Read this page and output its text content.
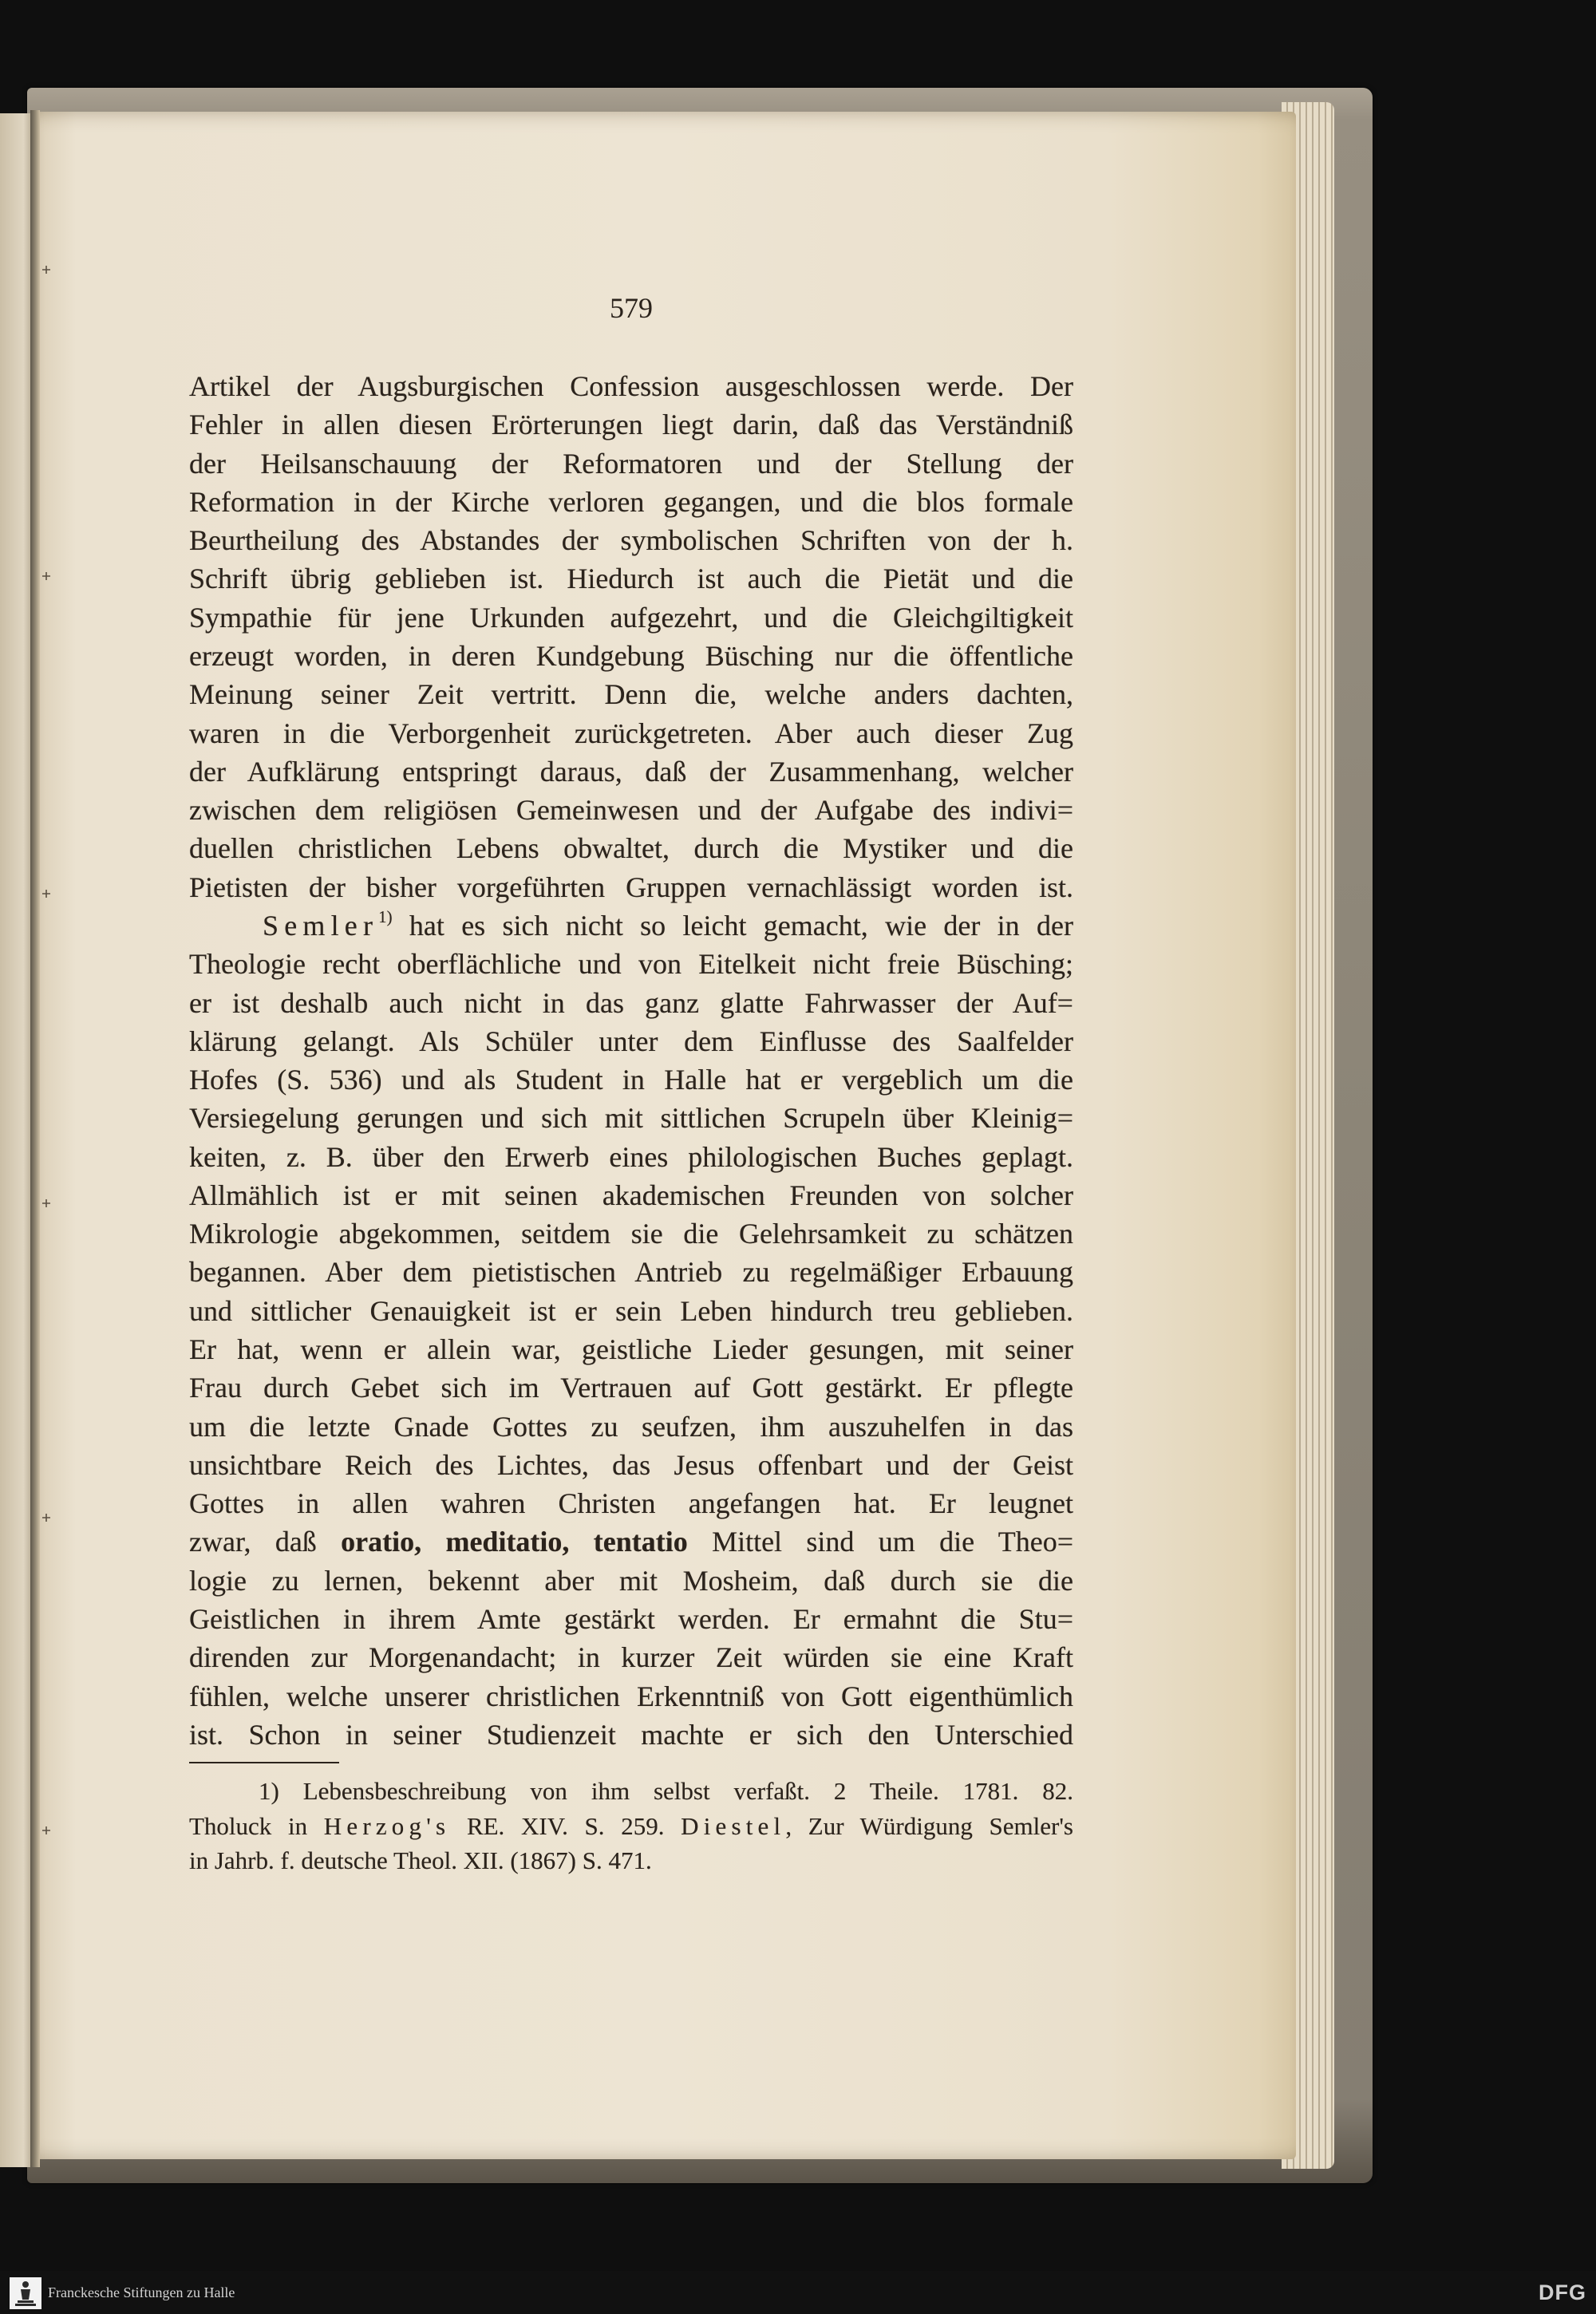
579
Artikel der Augsburgischen Confession ausgeschlossen werde. Der
Fehler in allen diesen Erörterungen liegt darin, daß das Verständniß
der Heilsanschauung der Reformatoren und der Stellung der
Reformation in der Kirche verloren gegangen, und die blos formale
Beurtheilung des Abstandes der symbolischen Schriften von der h.
Schrift übrig geblieben ist. Hiedurch ist auch die Pietät und die
Sympathie für jene Urkunden aufgezehrt, und die Gleichgiltigkeit
erzeugt worden, in deren Kundgebung Büsching nur die öffentliche
Meinung seiner Zeit vertritt. Denn die, welche anders dachten,
waren in die Verborgenheit zurückgetreten. Aber auch dieser Zug
der Aufklärung entspringt daraus, daß der Zusammenhang, welcher
zwischen dem religiösen Gemeinwesen und der Aufgabe des indivi=
duellen christlichen Lebens obwaltet, durch die Mystiker und die
Pietisten der bisher vorgeführten Gruppen vernachlässigt worden ist.
Semler$^{1)}$ hat es sich nicht so leicht gemacht, wie der in der
Theologie recht oberflächliche und von Eitelkeit nicht freie Büsching;
er ist deshalb auch nicht in das ganz glatte Fahrwasser der Auf=
klärung gelangt. Als Schüler unter dem Einflusse des Saalfelder
Hofes (S. 536) und als Student in Halle hat er vergeblich um die
Versiegelung gerungen und sich mit sittlichen Scrupeln über Kleinig=
keiten, z. B. über den Erwerb eines philologischen Buches geplagt.
Allmählich ist er mit seinen akademischen Freunden von solcher
Mikrologie abgekommen, seitdem sie die Gelehrsamkeit zu schätzen
begannen. Aber dem pietistischen Antrieb zu regelmäßiger Erbauung
und sittlicher Genauigkeit ist er sein Leben hindurch treu geblieben.
Er hat, wenn er allein war, geistliche Lieder gesungen, mit seiner
Frau durch Gebet sich im Vertrauen auf Gott gestärkt. Er pflegte
um die letzte Gnade Gottes zu seufzen, ihm auszuhelfen in das
unsichtbare Reich des Lichtes, das Jesus offenbart und der Geist
Gottes in allen wahren Christen angefangen hat. Er leugnet
zwar, daß oratio, meditatio, tentatio Mittel sind um die Theo=
logie zu lernen, bekennt aber mit Mosheim, daß durch sie die
Geistlichen in ihrem Amte gestärkt werden. Er ermahnt die Stu=
direnden zur Morgenandacht; in kurzer Zeit würden sie eine Kraft
fühlen, welche unserer christlichen Erkenntniß von Gott eigenthümlich
ist. Schon in seiner Studienzeit machte er sich den Unterschied
1) Lebensbeschreibung von ihm selbst verfaßt. 2 Theile. 1781. 82.
Tholuck in Herzog's RE. XIV. S. 259. Diestel, Zur Würdigung Semler's
in Jahrb. f. deutsche Theol. XII. (1867) S. 471.
Franckesche Stiftungen zu Halle	DFG
